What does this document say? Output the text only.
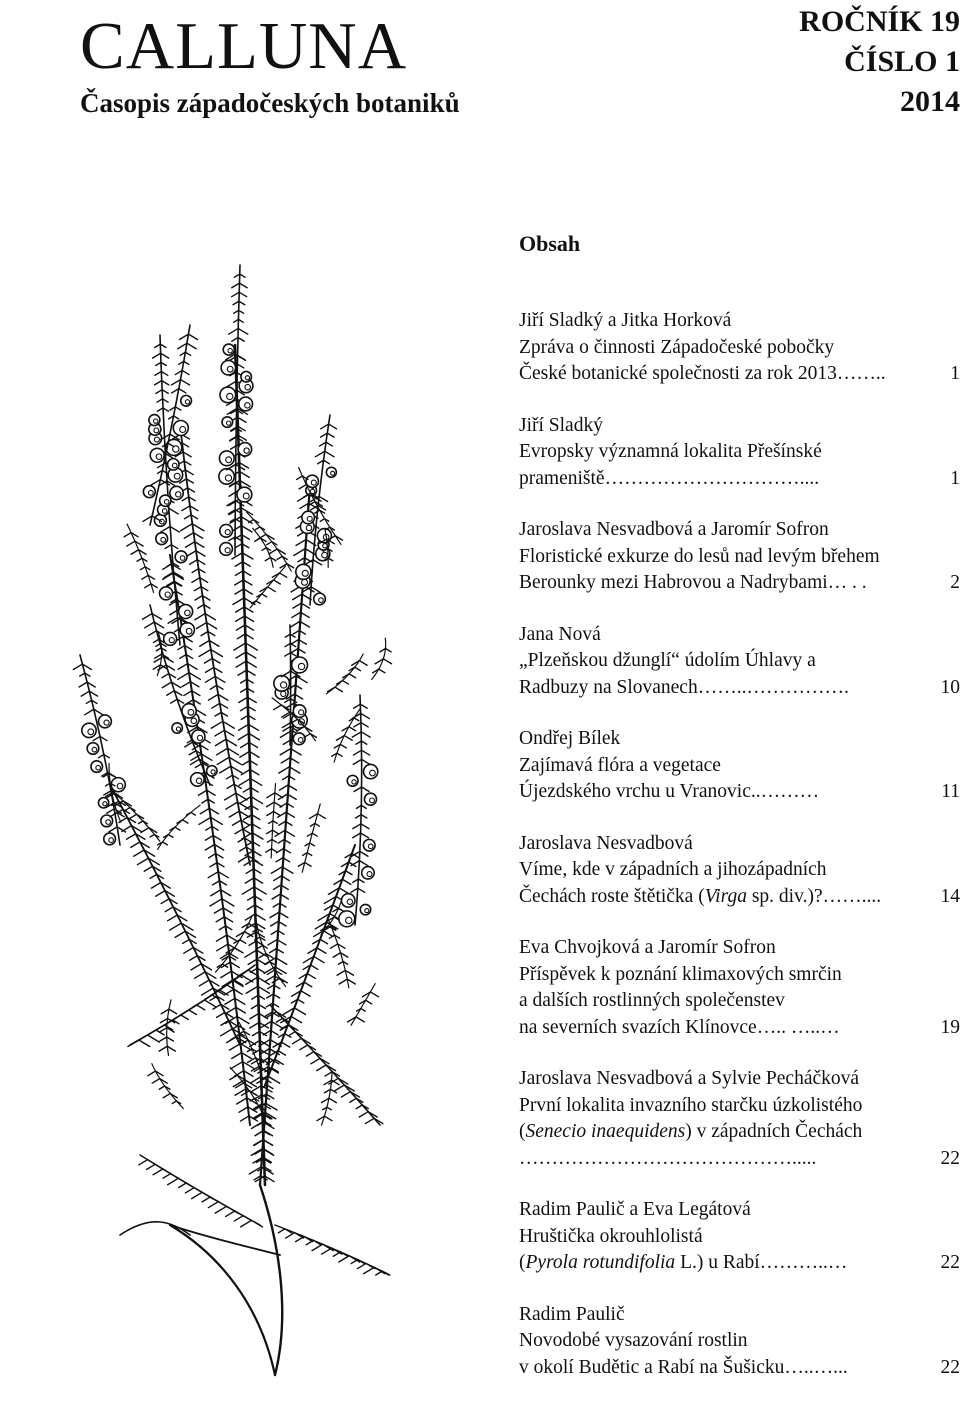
CALLUNA
Časopis západočeských botaniků
ROČNÍK 19
ČÍSLO 1
2014
Obsah
Jiří Sladký a Jitka Horková
Zpráva o činnosti Západočeské pobočky
České botanické společnosti za rok 2013 ……..	1
Jiří Sladký
Evropsky významná lokalita Přešínské
prameniště …………………………....	1
Jaroslava Nesvadbová a Jaromír Sofron
Floristické exkurze do lesů nad levým břehem
Berounky mezi Habrovou a Nadrybami … . .	2
Jana Nová
„Plzeňskou džunglí“ údolím Úhlavy a
Radbuzy na Slovanech ……..…………….	10
Ondřej Bílek
Zajímavá flóra a vegetace
Újezdského vrchu u Vranovic ..………	11
Jaroslava Nesvadbová
Víme, kde v západních a jihozápadních
Čechách roste štětička (Virga sp. div.)? ……....	14
Eva Chvojková a Jaromír Sofron
Příspěvek k poznání klimaxových smrčin
a dalších rostlinných společenstev
na severních svazích Klínovce ….. …..…	19
Jaroslava Nesvadbová a Sylvie Pecháčková
První lokalita invazního starčku úzkolistého
(Senecio inaequidens) v západních Čechách
…………………………………….....	22
Radim Paulič a Eva Legátová
Hruštička okrouhlolistá
(Pyrola rotundifolia L.) u Rabí ………..…	22
Radim Paulič
Novodobé vysazování rostlin
v okolí Budětic a Rabí na Šušicku …..…...	22
